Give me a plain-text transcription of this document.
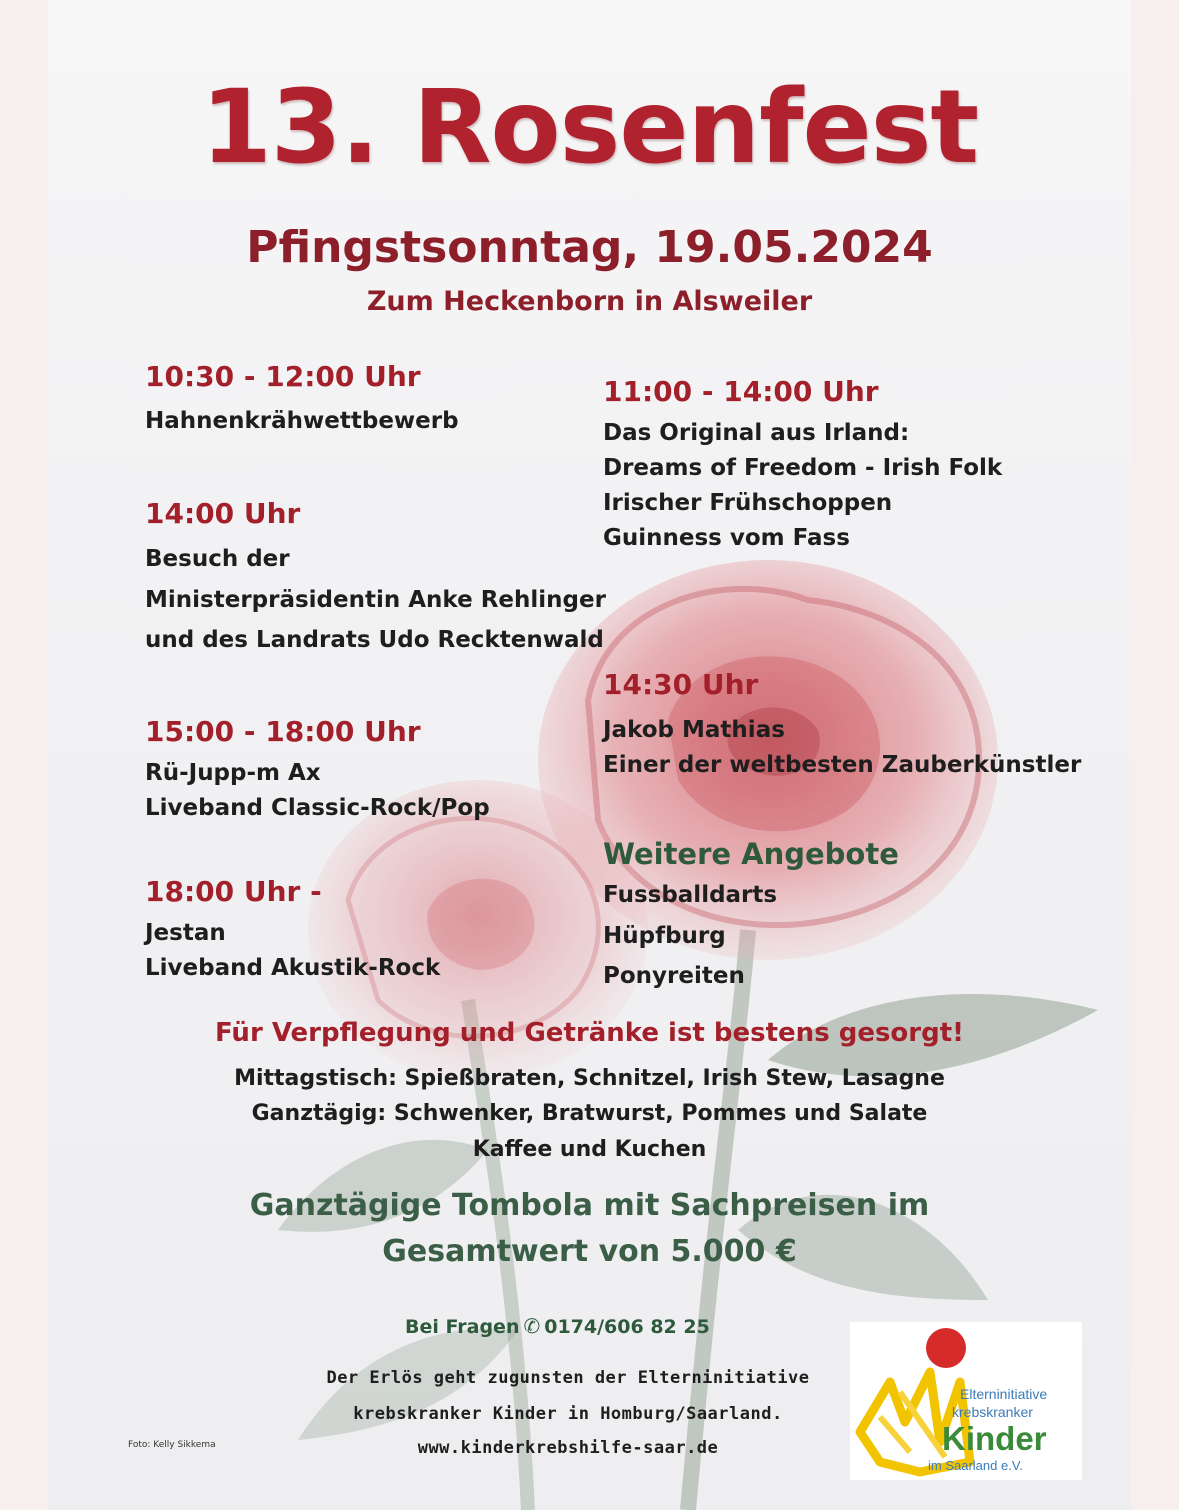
13. Rosenfest
Pfingstsonntag, 19.05.2024
Zum Heckenborn in Alsweiler
10:30 - 12:00 Uhr
Hahnenkrähwettbewerb
14:00 Uhr
Besuch der
Ministerpräsidentin Anke Rehlinger
und des Landrats Udo Recktenwald
15:00 - 18:00 Uhr
Rü-Jupp-m Ax
Liveband Classic-Rock/Pop
18:00 Uhr -
Jestan
Liveband Akustik-Rock
11:00 - 14:00 Uhr
Das Original aus Irland:
Dreams of Freedom - Irish Folk
Irischer Frühschoppen
Guinness vom Fass
14:30 Uhr
Jakob Mathias
Einer der weltbesten Zauberkünstler
Weitere Angebote
Fussballdarts
Hüpfburg
Ponyreiten
Für Verpflegung und Getränke ist bestens gesorgt!
Mittagstisch: Spießbraten, Schnitzel, Irish Stew, Lasagne
Ganztägig: Schwenker, Bratwurst, Pommes und Salate
Kaffee und Kuchen
Ganztägige Tombola mit Sachpreisen im
Gesamtwert von 5.000 €
Bei Fragen ✆ 0174/606 82 25
Der Erlös geht zugunsten der Elterninitiative
krebskranker Kinder in Homburg/Saarland.
www.kinderkrebshilfe-saar.de
Foto: Kelly Sikkema
Elterninitiative
krebskranker
Kinder
im Saarland e.V.
